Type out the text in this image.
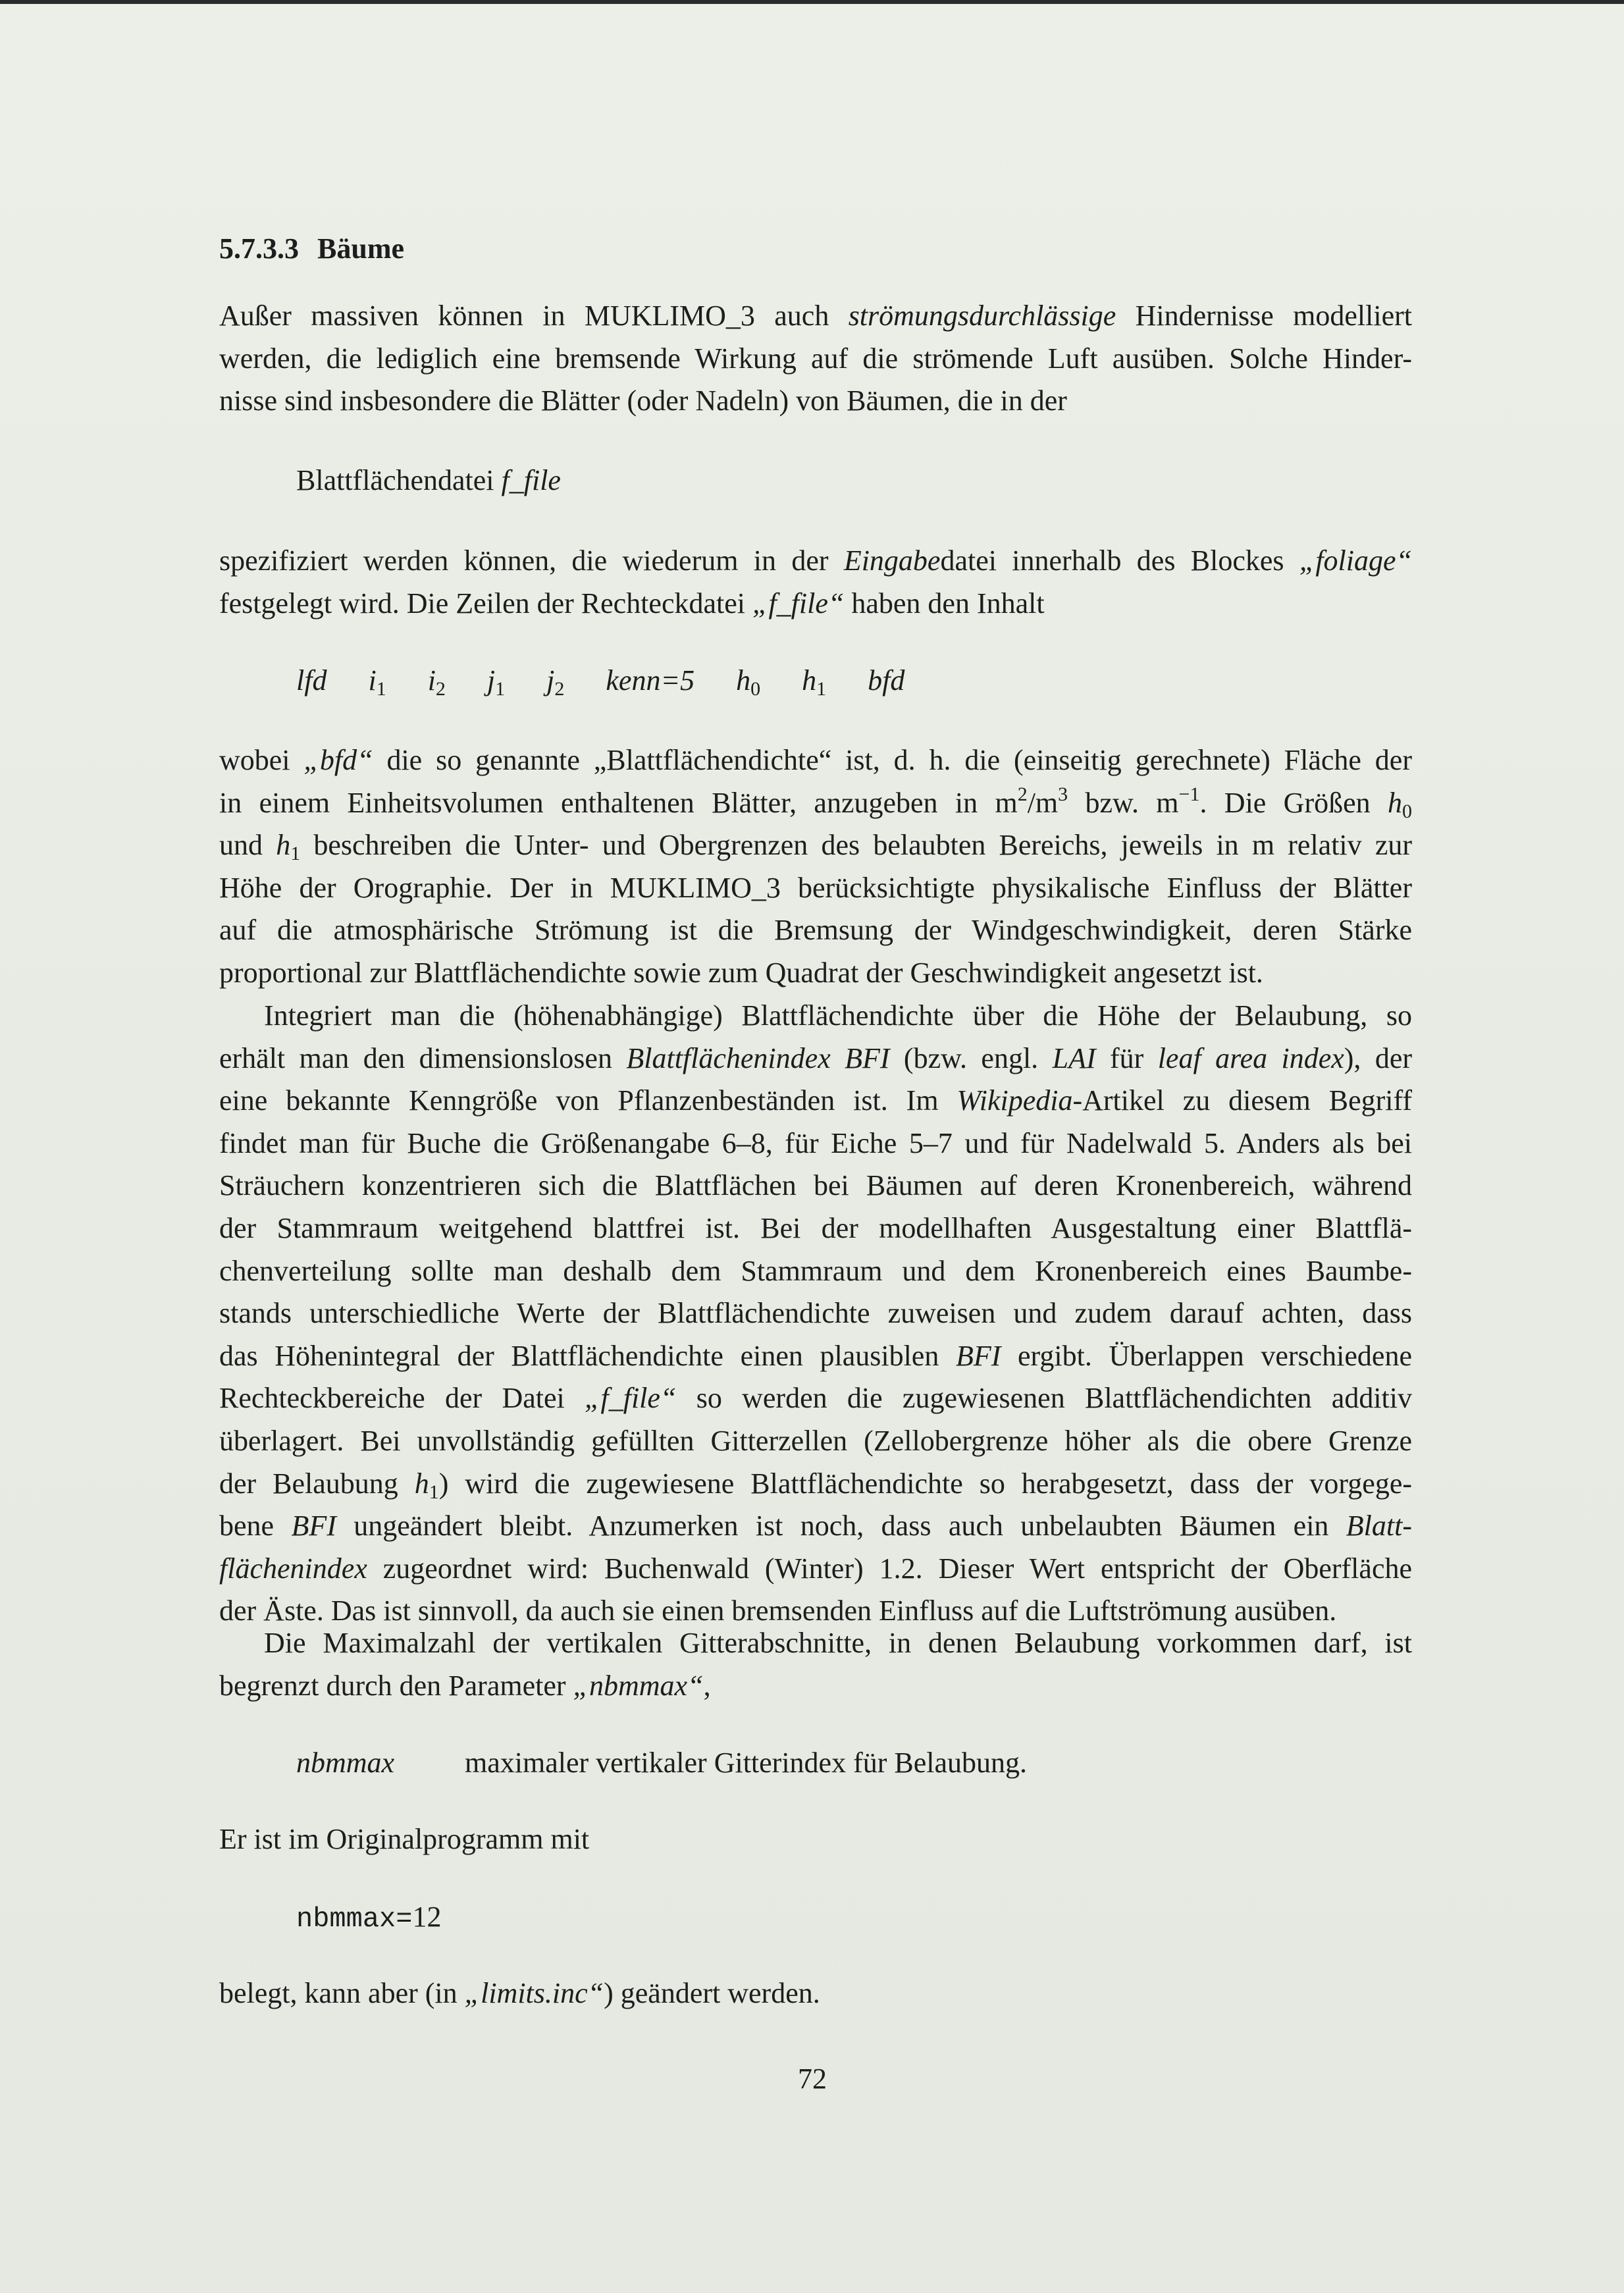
5.7.3.3 Bäume
Außer massiven können in MUKLIMO_3 auch strömungsdurchlässige Hindernisse modelliert
werden, die lediglich eine bremsende Wirkung auf die strömende Luft ausüben. Solche Hinder-
nisse sind insbesondere die Blätter (oder Nadeln) von Bäumen, die in der
Blattflächendatei f_file
spezifiziert werden können, die wiederum in der Eingabedatei innerhalb des Blockes „foliage“
festgelegt wird. Die Zeilen der Rechteckdatei „f_file“ haben den Inhalt
lfd $i_1$ $i_2$ $j_1$ $j_2$ kenn=5 $h_0$ $h_1$ bfd
wobei „bfd“ die so genannte „Blattflächendichte“ ist, d. h. die (einseitig gerechnete) Fläche der
in einem Einheitsvolumen enthaltenen Blätter, anzugeben in $m^2/m^3$ bzw. $m^{-1}$. Die Größen $h_0$
und $h_1$ beschreiben die Unter- und Obergrenzen des belaubten Bereichs, jeweils in m relativ zur
Höhe der Orographie. Der in MUKLIMO_3 berücksichtigte physikalische Einfluss der Blätter
auf die atmosphärische Strömung ist die Bremsung der Windgeschwindigkeit, deren Stärke
proportional zur Blattflächendichte sowie zum Quadrat der Geschwindigkeit angesetzt ist.
Integriert man die (höhenabhängige) Blattflächendichte über die Höhe der Belaubung, so
erhält man den dimensionslosen Blattflächenindex BFI (bzw. engl. LAI für leaf area index), der
eine bekannte Kenngröße von Pflanzenbeständen ist. Im Wikipedia-Artikel zu diesem Begriff
findet man für Buche die Größenangabe 6–8, für Eiche 5–7 und für Nadelwald 5. Anders als bei
Sträuchern konzentrieren sich die Blattflächen bei Bäumen auf deren Kronenbereich, während
der Stammraum weitgehend blattfrei ist. Bei der modellhaften Ausgestaltung einer Blattflä-
chenverteilung sollte man deshalb dem Stammraum und dem Kronenbereich eines Baumbe-
stands unterschiedliche Werte der Blattflächendichte zuweisen und zudem darauf achten, dass
das Höhenintegral der Blattflächendichte einen plausiblen BFI ergibt. Überlappen verschiedene
Rechteckbereiche der Datei „f_file“ so werden die zugewiesenen Blattflächendichten additiv
überlagert. Bei unvollständig gefüllten Gitterzellen (Zellobergrenze höher als die obere Grenze
der Belaubung $h_1$) wird die zugewiesene Blattflächendichte so herabgesetzt, dass der vorgege-
bene BFI ungeändert bleibt. Anzumerken ist noch, dass auch unbelaubten Bäumen ein Blatt-
flächenindex zugeordnet wird: Buchenwald (Winter) 1.2. Dieser Wert entspricht der Oberfläche
der Äste. Das ist sinnvoll, da auch sie einen bremsenden Einfluss auf die Luftströmung ausüben.
Die Maximalzahl der vertikalen Gitterabschnitte, in denen Belaubung vorkommen darf, ist
begrenzt durch den Parameter „nbmmax“,
nbmmax maximaler vertikaler Gitterindex für Belaubung.
Er ist im Originalprogramm mit
nbmmax=12
belegt, kann aber (in „limits.inc“) geändert werden.
72
